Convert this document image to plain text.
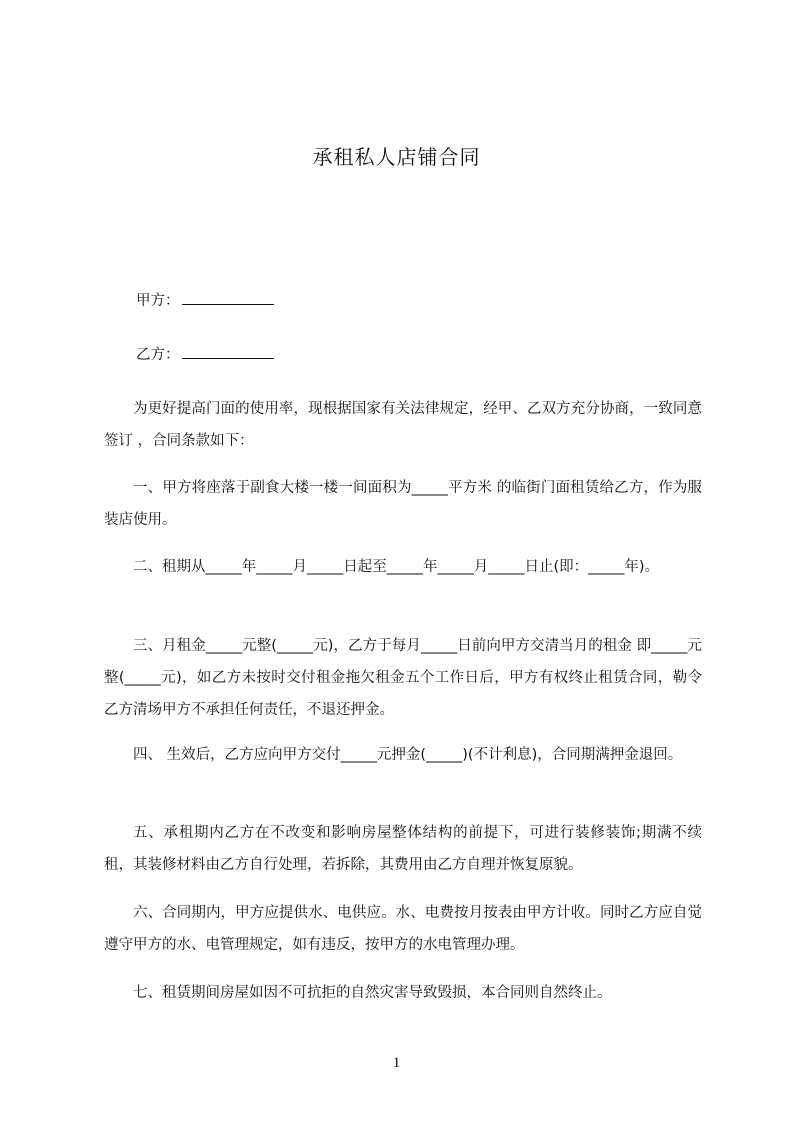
承租私人店铺合同
甲方：
乙方：
为更好提高门面的使用率，现根据国家有关法律规定，经甲、乙双方充分协商，一致同意签订 ，合同条款如下：
一、甲方将座落于副食大楼一楼一间面积为_____平方米 的临街门面租赁给乙方，作为服装店使用。
二、租期从_____年_____月_____日起至_____年_____月_____日止(即：_____年)。
三、月租金_____元整(_____元)，乙方于每月_____日前向甲方交清当月的租金 即_____元整(_____元)，如乙方未按时交付租金拖欠租金五个工作日后，甲方有权终止租赁合同，勒令乙方清场甲方不承担任何责任，不退还押金。
四、 生效后，乙方应向甲方交付_____元押金(_____)(不计利息)，合同期满押金退回。
五、承租期内乙方在不改变和影响房屋整体结构的前提下，可进行装修装饰;期满不续租，其装修材料由乙方自行处理，若拆除，其费用由乙方自理并恢复原貌。
六、合同期内，甲方应提供水、电供应。水、电费按月按表由甲方计收。同时乙方应自觉遵守甲方的水、电管理规定，如有违反，按甲方的水电管理办理。
七、租赁期间房屋如因不可抗拒的自然灾害导致毁损，本合同则自然终止。
1
